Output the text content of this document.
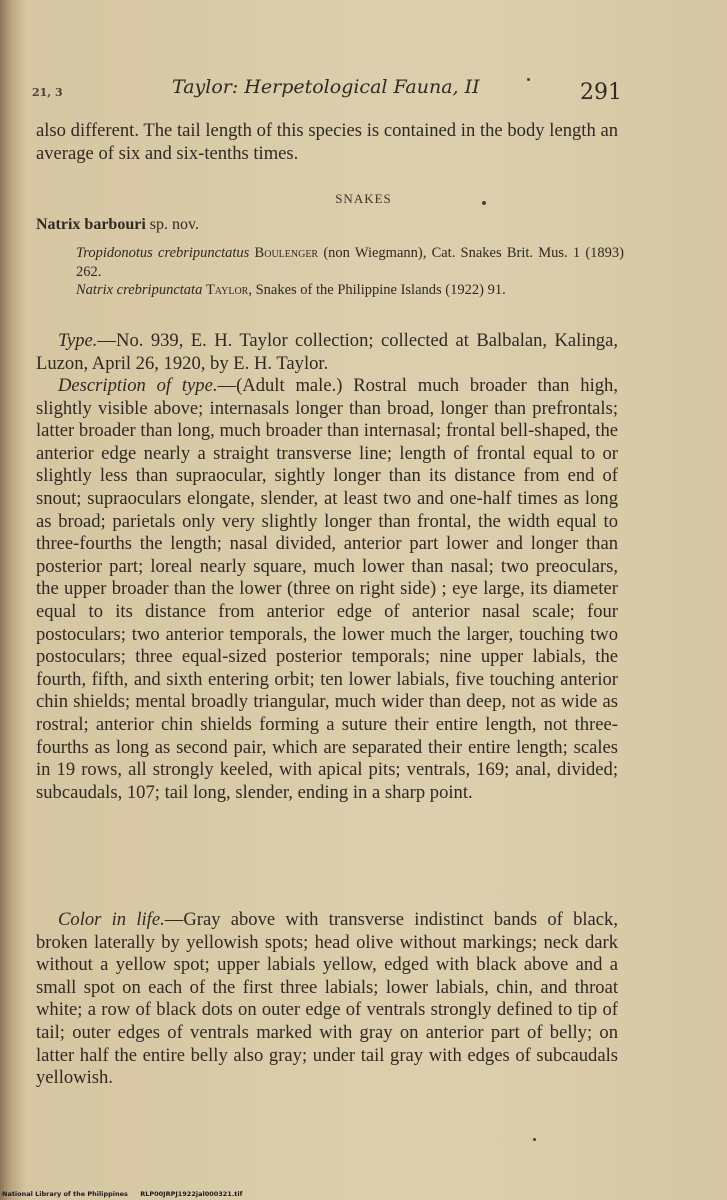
21, 3	Taylor: Herpetological Fauna, II	291
also different. The tail length of this species is contained in the body length an average of six and six-tenths times.
SNAKES
Natrix barbouri sp. nov.
Tropidonotus crebripunctatus Boulenger (non Wiegmann), Cat. Snakes Brit. Mus. 1 (1893) 262.
Natrix crebripunctata Taylor, Snakes of the Philippine Islands (1922) 91.
Type.—No. 939, E. H. Taylor collection; collected at Balbalan, Kalinga, Luzon, April 26, 1920, by E. H. Taylor.
Description of type.—(Adult male.) Rostral much broader than high, slightly visible above; internasals longer than broad, longer than prefrontals; latter broader than long, much broader than internasal; frontal bell-shaped, the anterior edge nearly a straight transverse line; length of frontal equal to or slightly less than supraocular, sightly longer than its distance from end of snout; supraoculars elongate, slender, at least two and one-half times as long as broad; parietals only very slightly longer than frontal, the width equal to three-fourths the length; nasal divided, anterior part lower and longer than posterior part; loreal nearly square, much lower than nasal; two preoculars, the upper broader than the lower (three on right side) ; eye large, its diameter equal to its distance from anterior edge of anterior nasal scale; four postoculars; two anterior temporals, the lower much the larger, touching two postoculars; three equal-sized posterior temporals; nine upper labials, the fourth, fifth, and sixth entering orbit; ten lower labials, five touching anterior chin shields; mental broadly triangular, much wider than deep, not as wide as rostral; anterior chin shields forming a suture their entire length, not three-fourths as long as second pair, which are separated their entire length; scales in 19 rows, all strongly keeled, with apical pits; ventrals, 169; anal, divided; subcaudals, 107; tail long, slender, ending in a sharp point.
Color in life.—Gray above with transverse indistinct bands of black, broken laterally by yellowish spots; head olive without markings; neck dark without a yellow spot; upper labials yellow, edged with black above and a small spot on each of the first three labials; lower labials, chin, and throat white; a row of black dots on outer edge of ventrals strongly defined to tip of tail; outer edges of ventrals marked with gray on anterior part of belly; on latter half the entire belly also gray; under tail gray with edges of subcaudals yellowish.
National Library of the Philippines RLP00JRPJ1922jal000321.tif
